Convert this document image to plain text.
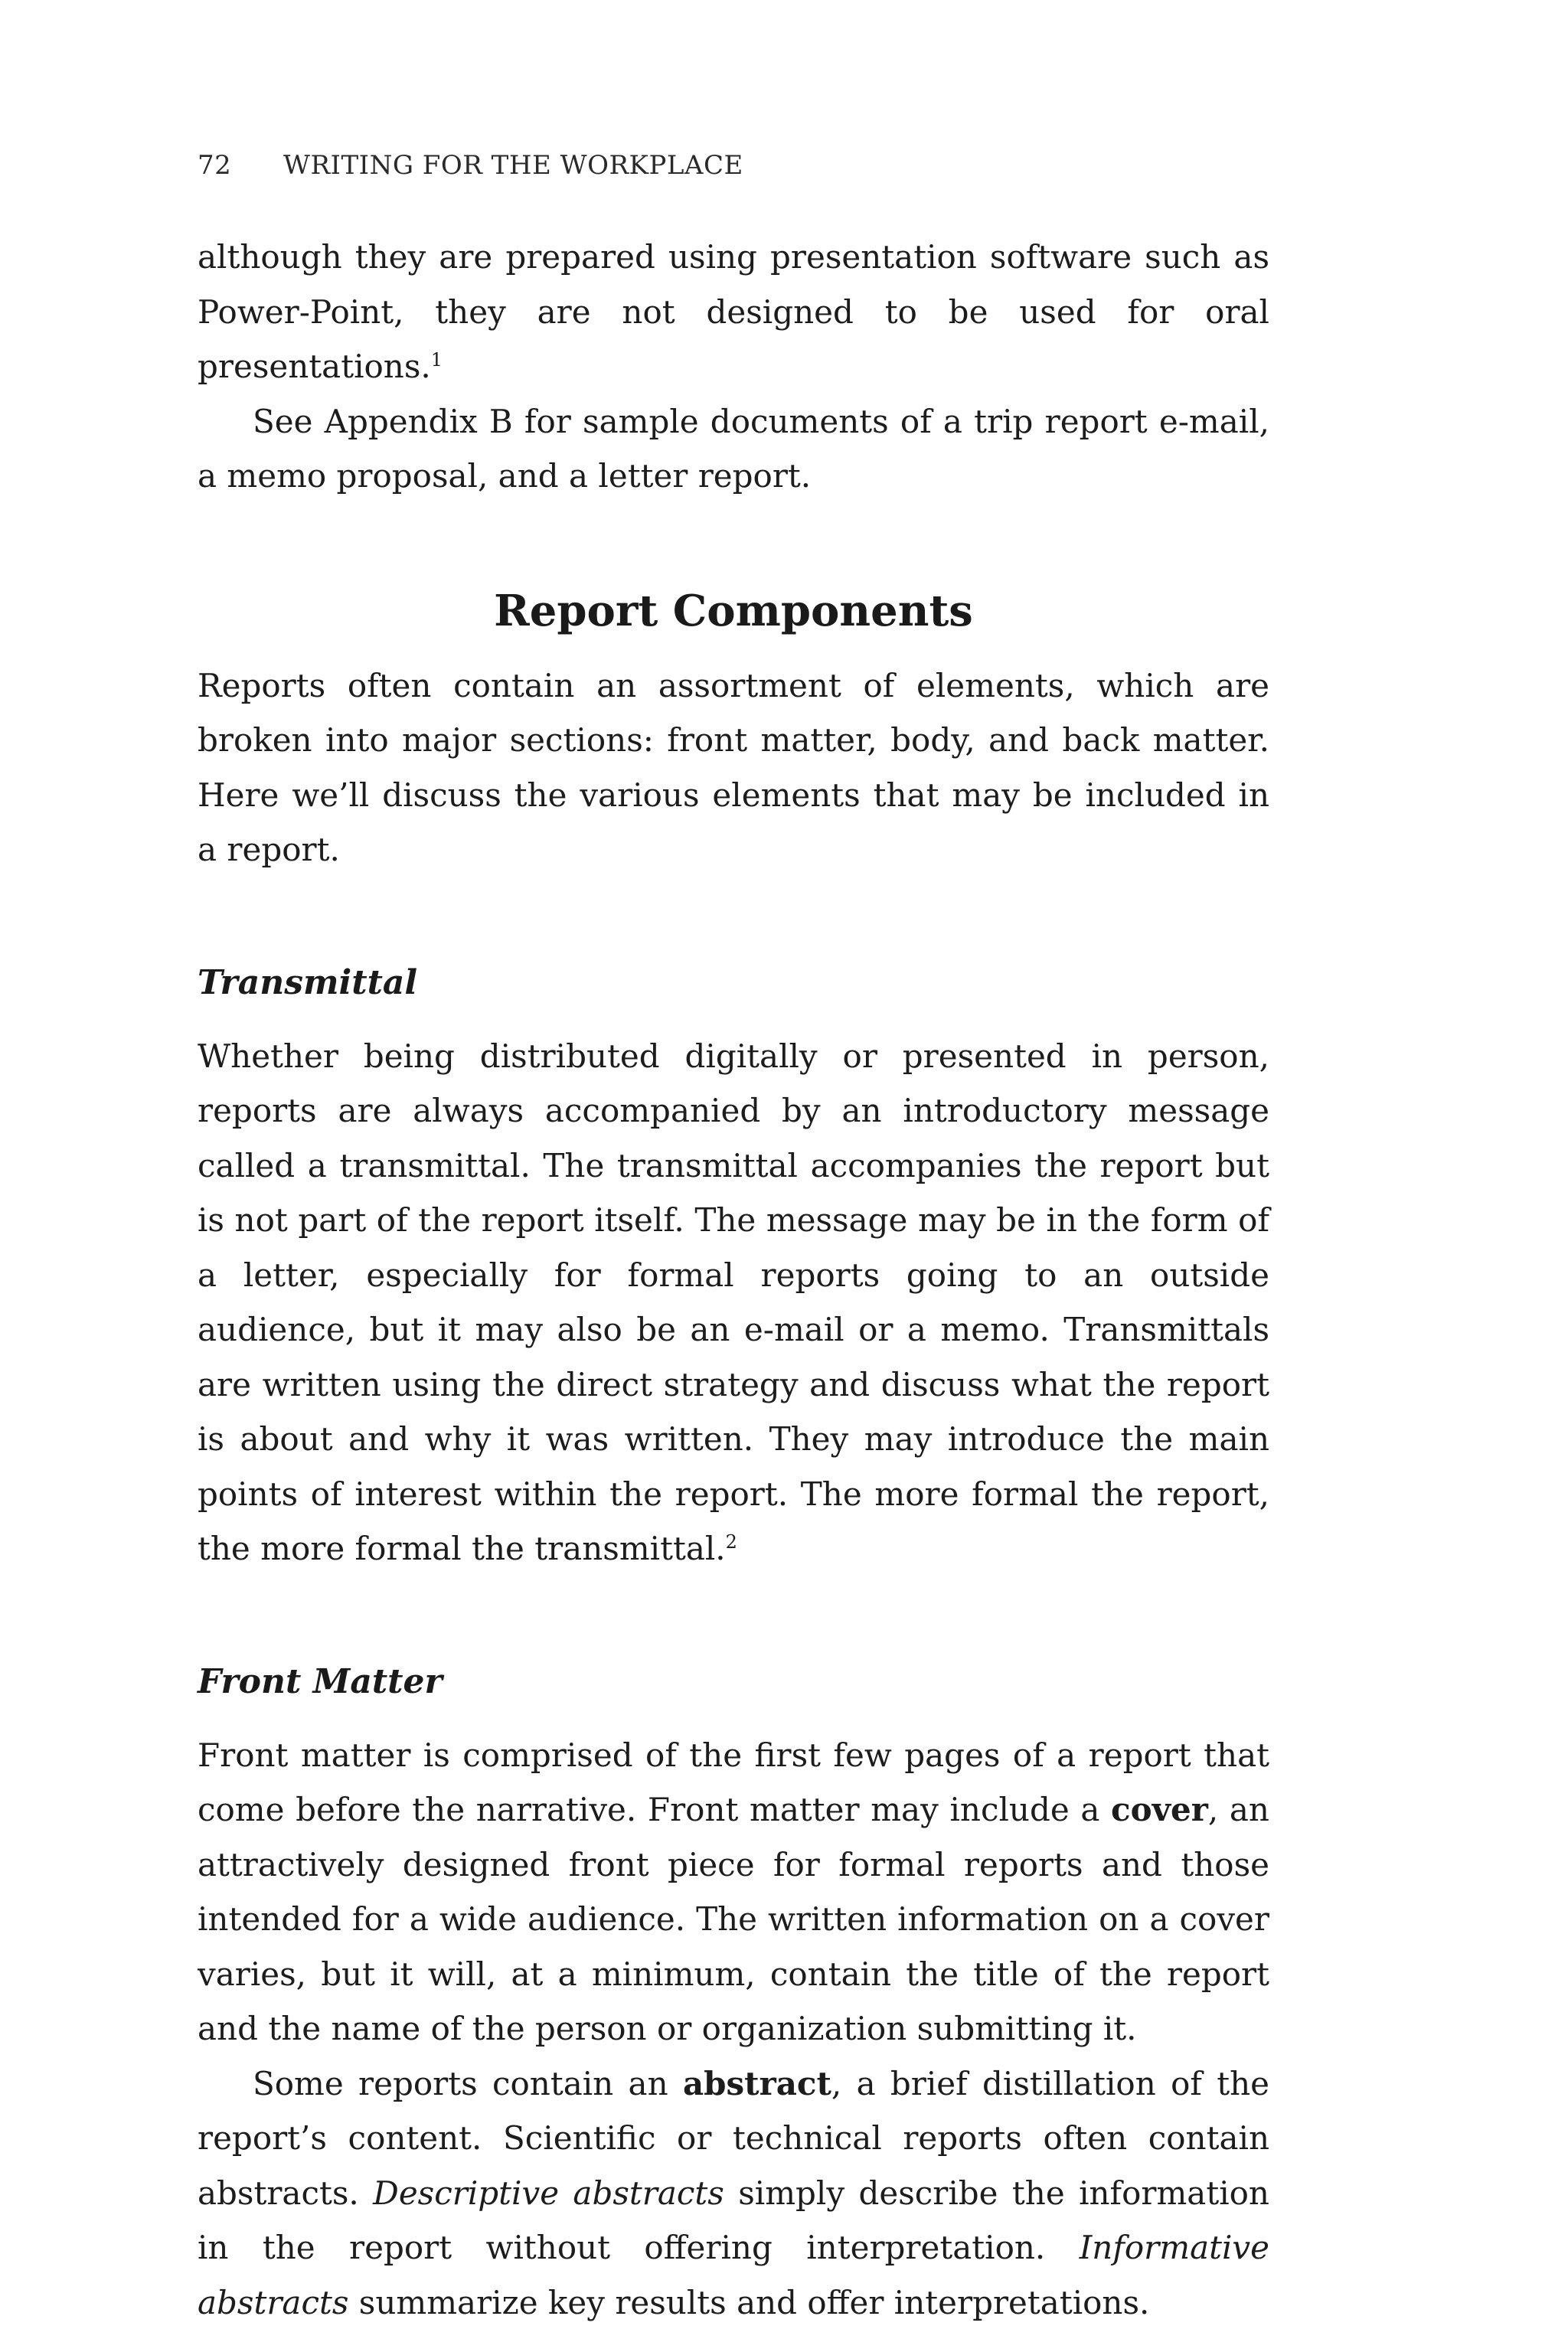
72 WRITING FOR THE WORKPLACE

although they are prepared using presentation software such as Power-Point, they are not designed to be used for oral presentations.$^1$

See Appendix B for sample documents of a trip report e-mail, a memo proposal, and a letter report.

Report Components

Reports often contain an assortment of elements, which are broken into major sections: front matter, body, and back matter. Here we’ll discuss the various elements that may be included in a report.

Transmittal

Whether being distributed digitally or presented in person, reports are always accompanied by an introductory message called a transmittal. The transmittal accompanies the report but is not part of the report itself. The message may be in the form of a letter, especially for formal reports going to an outside audience, but it may also be an e-mail or a memo. Transmittals are written using the direct strategy and discuss what the report is about and why it was written. They may introduce the main points of interest within the report. The more formal the report, the more formal the transmittal.$^2$

Front Matter

Front matter is comprised of the first few pages of a report that come before the narrative. Front matter may include a cover, an attractively designed front piece for formal reports and those intended for a wide audience. The written information on a cover varies, but it will, at a minimum, contain the title of the report and the name of the person or organization submitting it.

Some reports contain an abstract, a brief distillation of the report’s content. Scientific or technical reports often contain abstracts. Descriptive abstracts simply describe the information in the report without offering interpretation. Informative abstracts summarize key results and offer interpretations.
